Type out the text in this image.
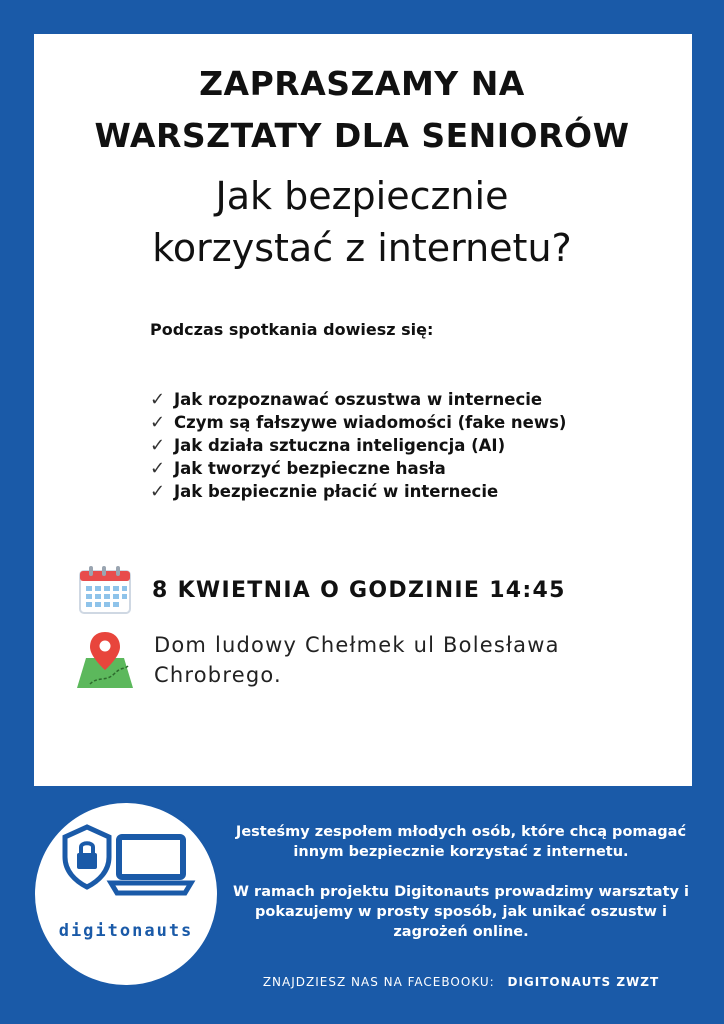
ZAPRASZAMY NA
WARSZTATY DLA SENIORÓW
Jak bezpiecznie
korzystać z internetu?
Podczas spotkania dowiesz się:
✓ Jak rozpoznawać oszustwa w internecie
✓ Czym są fałszywe wiadomości (fake news)
✓ Jak działa sztuczna inteligencja (AI)
✓ Jak tworzyć bezpieczne hasła
✓ Jak bezpiecznie płacić w internecie
8 KWIETNIA O GODZINIE 14:45
Dom ludowy Chełmek ul Bolesława
Chrobrego.
digitonauts

Jesteśmy zespołem młodych osób, które chcą pomagać innym bezpiecznie korzystać z internetu.

W ramach projektu Digitonauts prowadzimy warsztaty i pokazujemy w prosty sposób, jak unikać oszustw i zagrożeń online.

ZNAJDZIESZ NAS NA FACEBOOKU: DIGITONAUTS ZWZT
